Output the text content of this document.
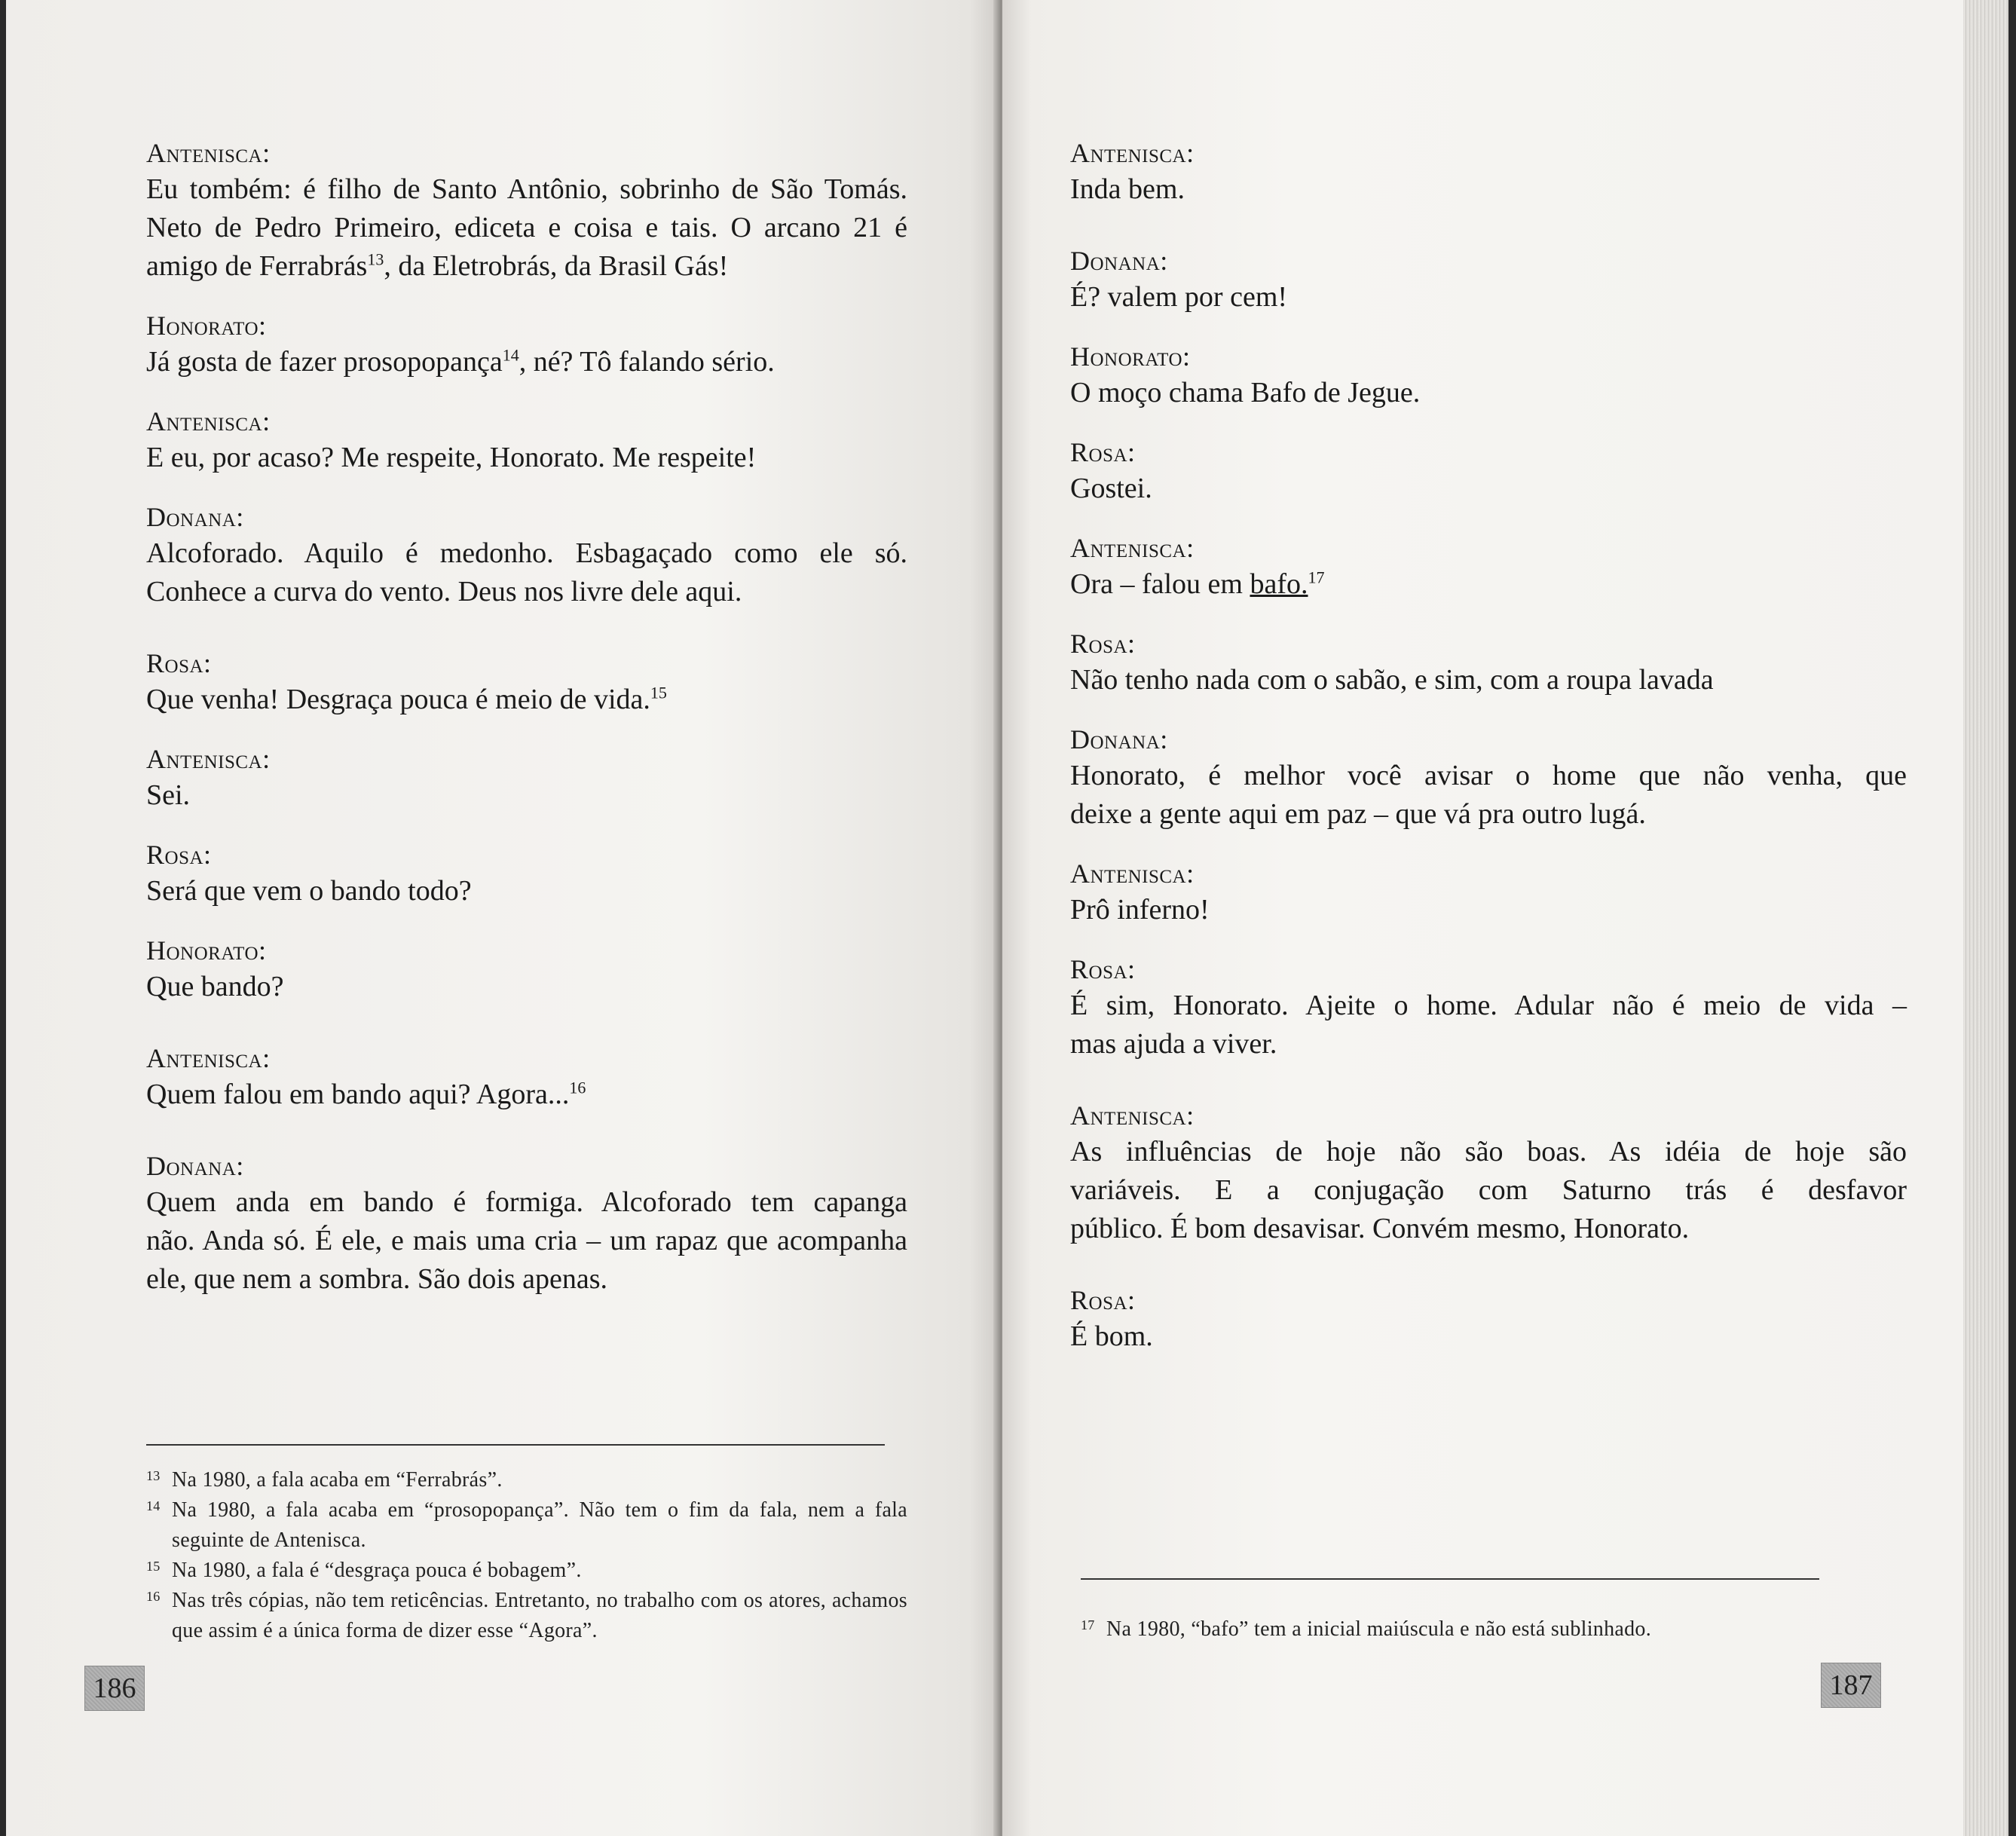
Antenisca:
Eu tombém: é filho de Santo Antônio, sobrinho de São Tomás.
Neto de Pedro Primeiro, ediceta e coisa e tais. O arcano 21 é
amigo de Ferrabrás$^{13}$, da Eletrobrás, da Brasil Gás!
Honorato:
Já gosta de fazer prosopopança$^{14}$, né? Tô falando sério.
Antenisca:
E eu, por acaso? Me respeite, Honorato. Me respeite!
Donana:
Alcoforado. Aquilo é medonho. Esbagaçado como ele só.
Conhece a curva do vento. Deus nos livre dele aqui.
Rosa:
Que venha! Desgraça pouca é meio de vida.$^{15}$
Antenisca:
Sei.
Rosa:
Será que vem o bando todo?
Honorato:
Que bando?
Antenisca:
Quem falou em bando aqui? Agora...$^{16}$
Donana:
Quem anda em bando é formiga. Alcoforado tem capanga
não. Anda só. É ele, e mais uma cria – um rapaz que acompanha
ele, que nem a sombra. São dois apenas.
13 Na 1980, a fala acaba em “Ferrabrás”.
14 Na 1980, a fala acaba em “prosopopança”. Não tem o fim da fala, nem a fala seguinte de Antenisca.
15 Na 1980, a fala é “desgraça pouca é bobagem”.
16 Nas três cópias, não tem reticências. Entretanto, no trabalho com os atores, achamos que assim é a única forma de dizer esse “Agora”.
186
Antenisca:
Inda bem.
Donana:
É? valem por cem!
Honorato:
O moço chama Bafo de Jegue.
Rosa:
Gostei.
Antenisca:
Ora – falou em bafo.$^{17}$
Rosa:
Não tenho nada com o sabão, e sim, com a roupa lavada
Donana:
Honorato, é melhor você avisar o home que não venha, que
deixe a gente aqui em paz – que vá pra outro lugá.
Antenisca:
Prô inferno!
Rosa:
É sim, Honorato. Ajeite o home. Adular não é meio de vida –
mas ajuda a viver.
Antenisca:
As influências de hoje não são boas. As idéia de hoje são
variáveis. E a conjugação com Saturno trás é desfavor
público. É bom desavisar. Convém mesmo, Honorato.
Rosa:
É bom.
17 Na 1980, “bafo” tem a inicial maiúscula e não está sublinhado.
187
